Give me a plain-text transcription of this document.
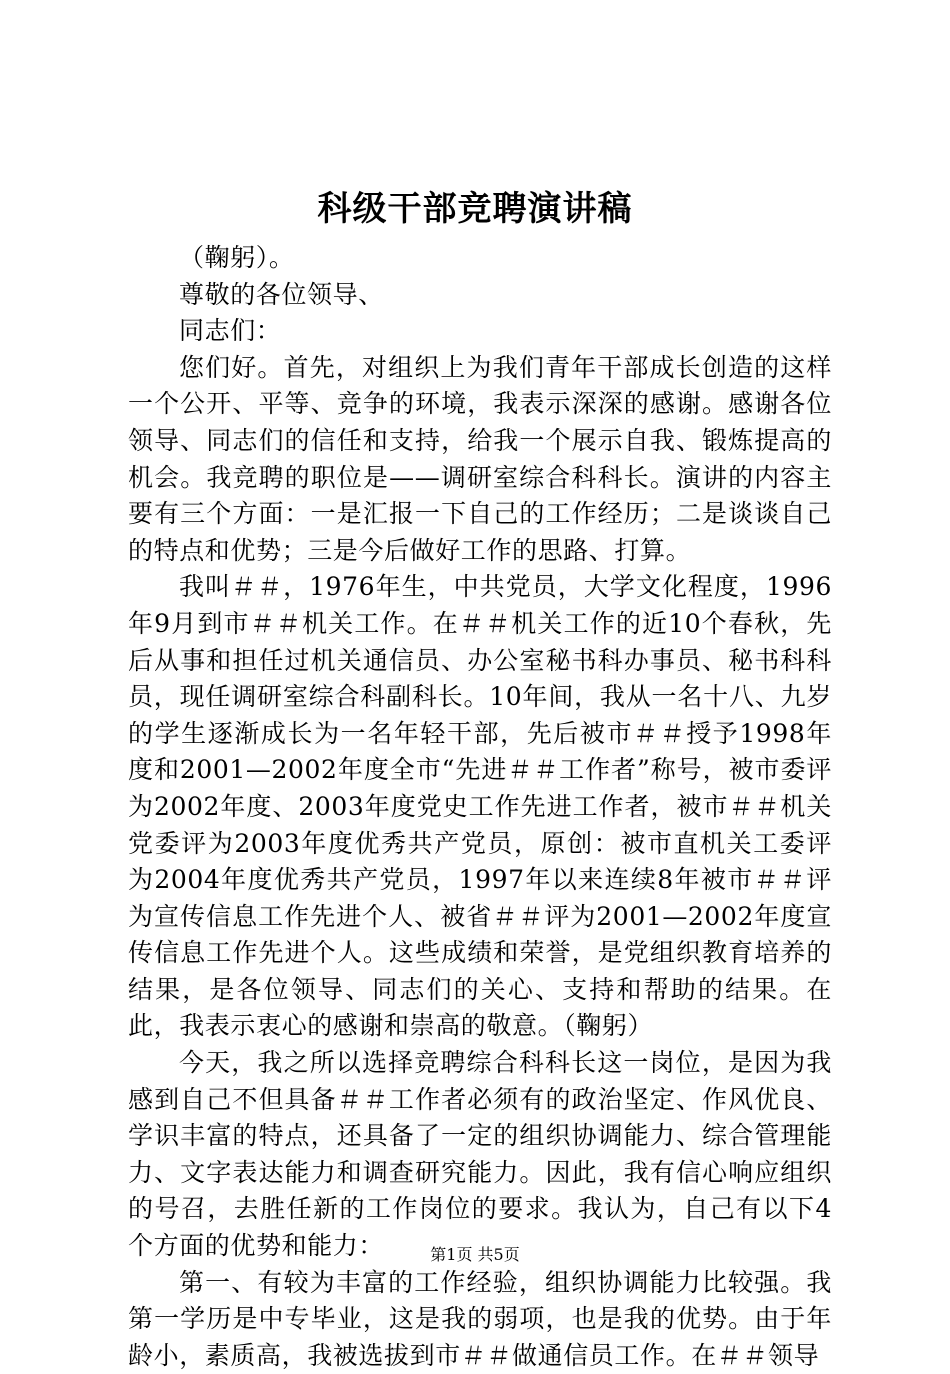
科级干部竞聘演讲稿

（鞠躬）。

尊敬的各位领导、

同志们：

您们好。首先，对组织上为我们青年干部成长创造的这样一个公开、平等、竞争的环境，我表示深深的感谢。感谢各位领导、同志们的信任和支持，给我一个展示自我、锻炼提高的机会。我竞聘的职位是——调研室综合科科长。演讲的内容主要有三个方面：一是汇报一下自己的工作经历；二是谈谈自己的特点和优势；三是今后做好工作的思路、打算。

我叫＃＃，1976年生，中共党员，大学文化程度，1996年9月到市＃＃机关工作。在＃＃机关工作的近10个春秋，先后从事和担任过机关通信员、办公室秘书科办事员、秘书科科员，现任调研室综合科副科长。10年间，我从一名十八、九岁的学生逐渐成长为一名年轻干部，先后被市＃＃授予1998年度和2001—2002年度全市“先进＃＃工作者”称号，被市委评为2002年度、2003年度党史工作先进工作者，被市＃＃机关党委评为2003年度优秀共产党员，原创：被市直机关工委评为2004年度优秀共产党员，1997年以来连续8年被市＃＃评为宣传信息工作先进个人、被省＃＃评为2001—2002年度宣传信息工作先进个人。这些成绩和荣誉，是党组织教育培养的结果，是各位领导、同志们的关心、支持和帮助的结果。在此，我表示衷心的感谢和崇高的敬意。（鞠躬）

今天，我之所以选择竞聘综合科科长这一岗位，是因为我感到自己不但具备＃＃工作者必须有的政治坚定、作风优良、学识丰富的特点，还具备了一定的组织协调能力、综合管理能力、文字表达能力和调查研究能力。因此，我有信心响应组织的号召，去胜任新的工作岗位的要求。我认为，自己有以下4个方面的优势和能力：

第一、有较为丰富的工作经验，组织协调能力比较强。我第一学历是中专毕业，这是我的弱项，也是我的优势。由于年龄小，素质高，我被选拔到市＃＃做通信员工作。在＃＃领导

第1页 共5页
